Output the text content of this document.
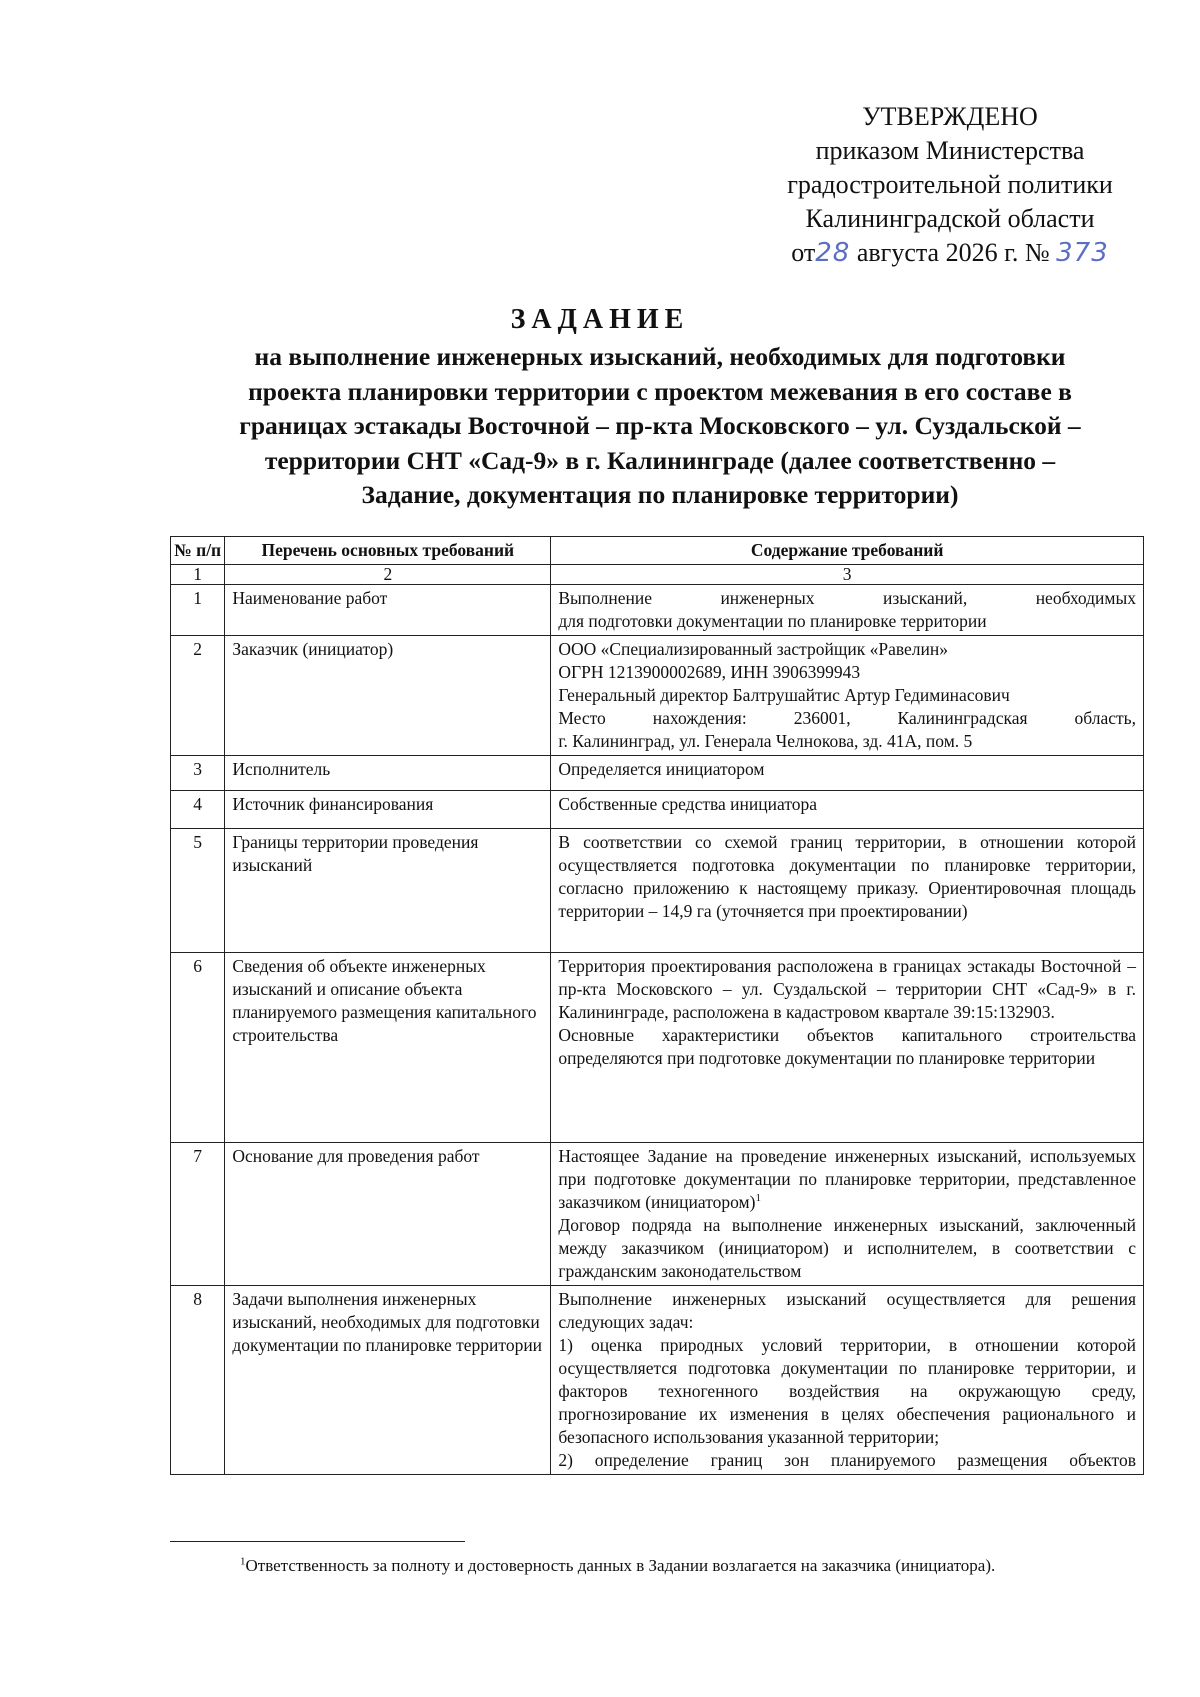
УТВЕРЖДЕНО
приказом Министерства
градостроительной политики
Калининградской области
от28 августа 2026 г. № 373
ЗАДАНИЕ
на выполнение инженерных изысканий, необходимых для подготовки
проекта планировки территории с проектом межевания в его составе в
границах эстакады Восточной – пр-кта Московского – ул. Суздальской –
территории СНТ «Сад-9» в г. Калининграде (далее соответственно –
Задание, документация по планировке территории)
№ п/п	Перечень основных требований	Содержание требований
1	2	3
1	Наименование работ	Выполнение инженерных изысканий, необходимых

для подготовки документации по планировке территории

2	Заказчик (инициатор)	ООО «Специализированный застройщик «Равелин»

ОГРН 1213900002689, ИНН 3906399943

Генеральный директор Балтрушайтис Артур Гедиминасович

Место нахождения: 236001, Калининградская область,

г. Калининград, ул. Генерала Челнокова, зд. 41А, пом. 5

3	Исполнитель	Определяется инициатором

4	Источник финансирования	Собственные средства инициатора

5	Границы территории проведения изысканий	В соответствии со схемой границ территории, в отношении которой осуществляется подготовка документации по планировке территории, согласно приложению к настоящему приказу. Ориентировочная площадь территории – 14,9 га (уточняется при проектировании)

6	Сведения об объекте инженерных изысканий и описание объекта планируемого размещения капитального строительства	Территория проектирования расположена в границах эстакады Восточной – пр-кта Московского – ул. Суздальской – территории СНТ «Сад-9» в г. Калининграде, расположена в кадастровом квартале 39:15:132903.

Основные характеристики объектов капитального строительства определяются при подготовке документации по планировке территории

7	Основание для проведения работ	Настоящее Задание на проведение инженерных изысканий, используемых при подготовке документации по планировке территории, представленное заказчиком (инициатором)$^1$

Договор подряда на выполнение инженерных изысканий, заключенный между заказчиком (инициатором) и исполнителем, в соответствии с гражданским законодательством

8	Задачи выполнения инженерных изысканий, необходимых для подготовки документации по планировке территории	Выполнение инженерных изысканий осуществляется для решения следующих задач:

1) оценка природных условий территории, в отношении которой осуществляется подготовка документации по планировке территории, и факторов техногенного воздействия на окружающую среду, прогнозирование их изменения в целях обеспечения рационального и безопасного использования указанной территории;

2) определение границ зон планируемого размещения объектов

$^1$Ответственность за полноту и достоверность данных в Задании возлагается на заказчика (инициатора).
